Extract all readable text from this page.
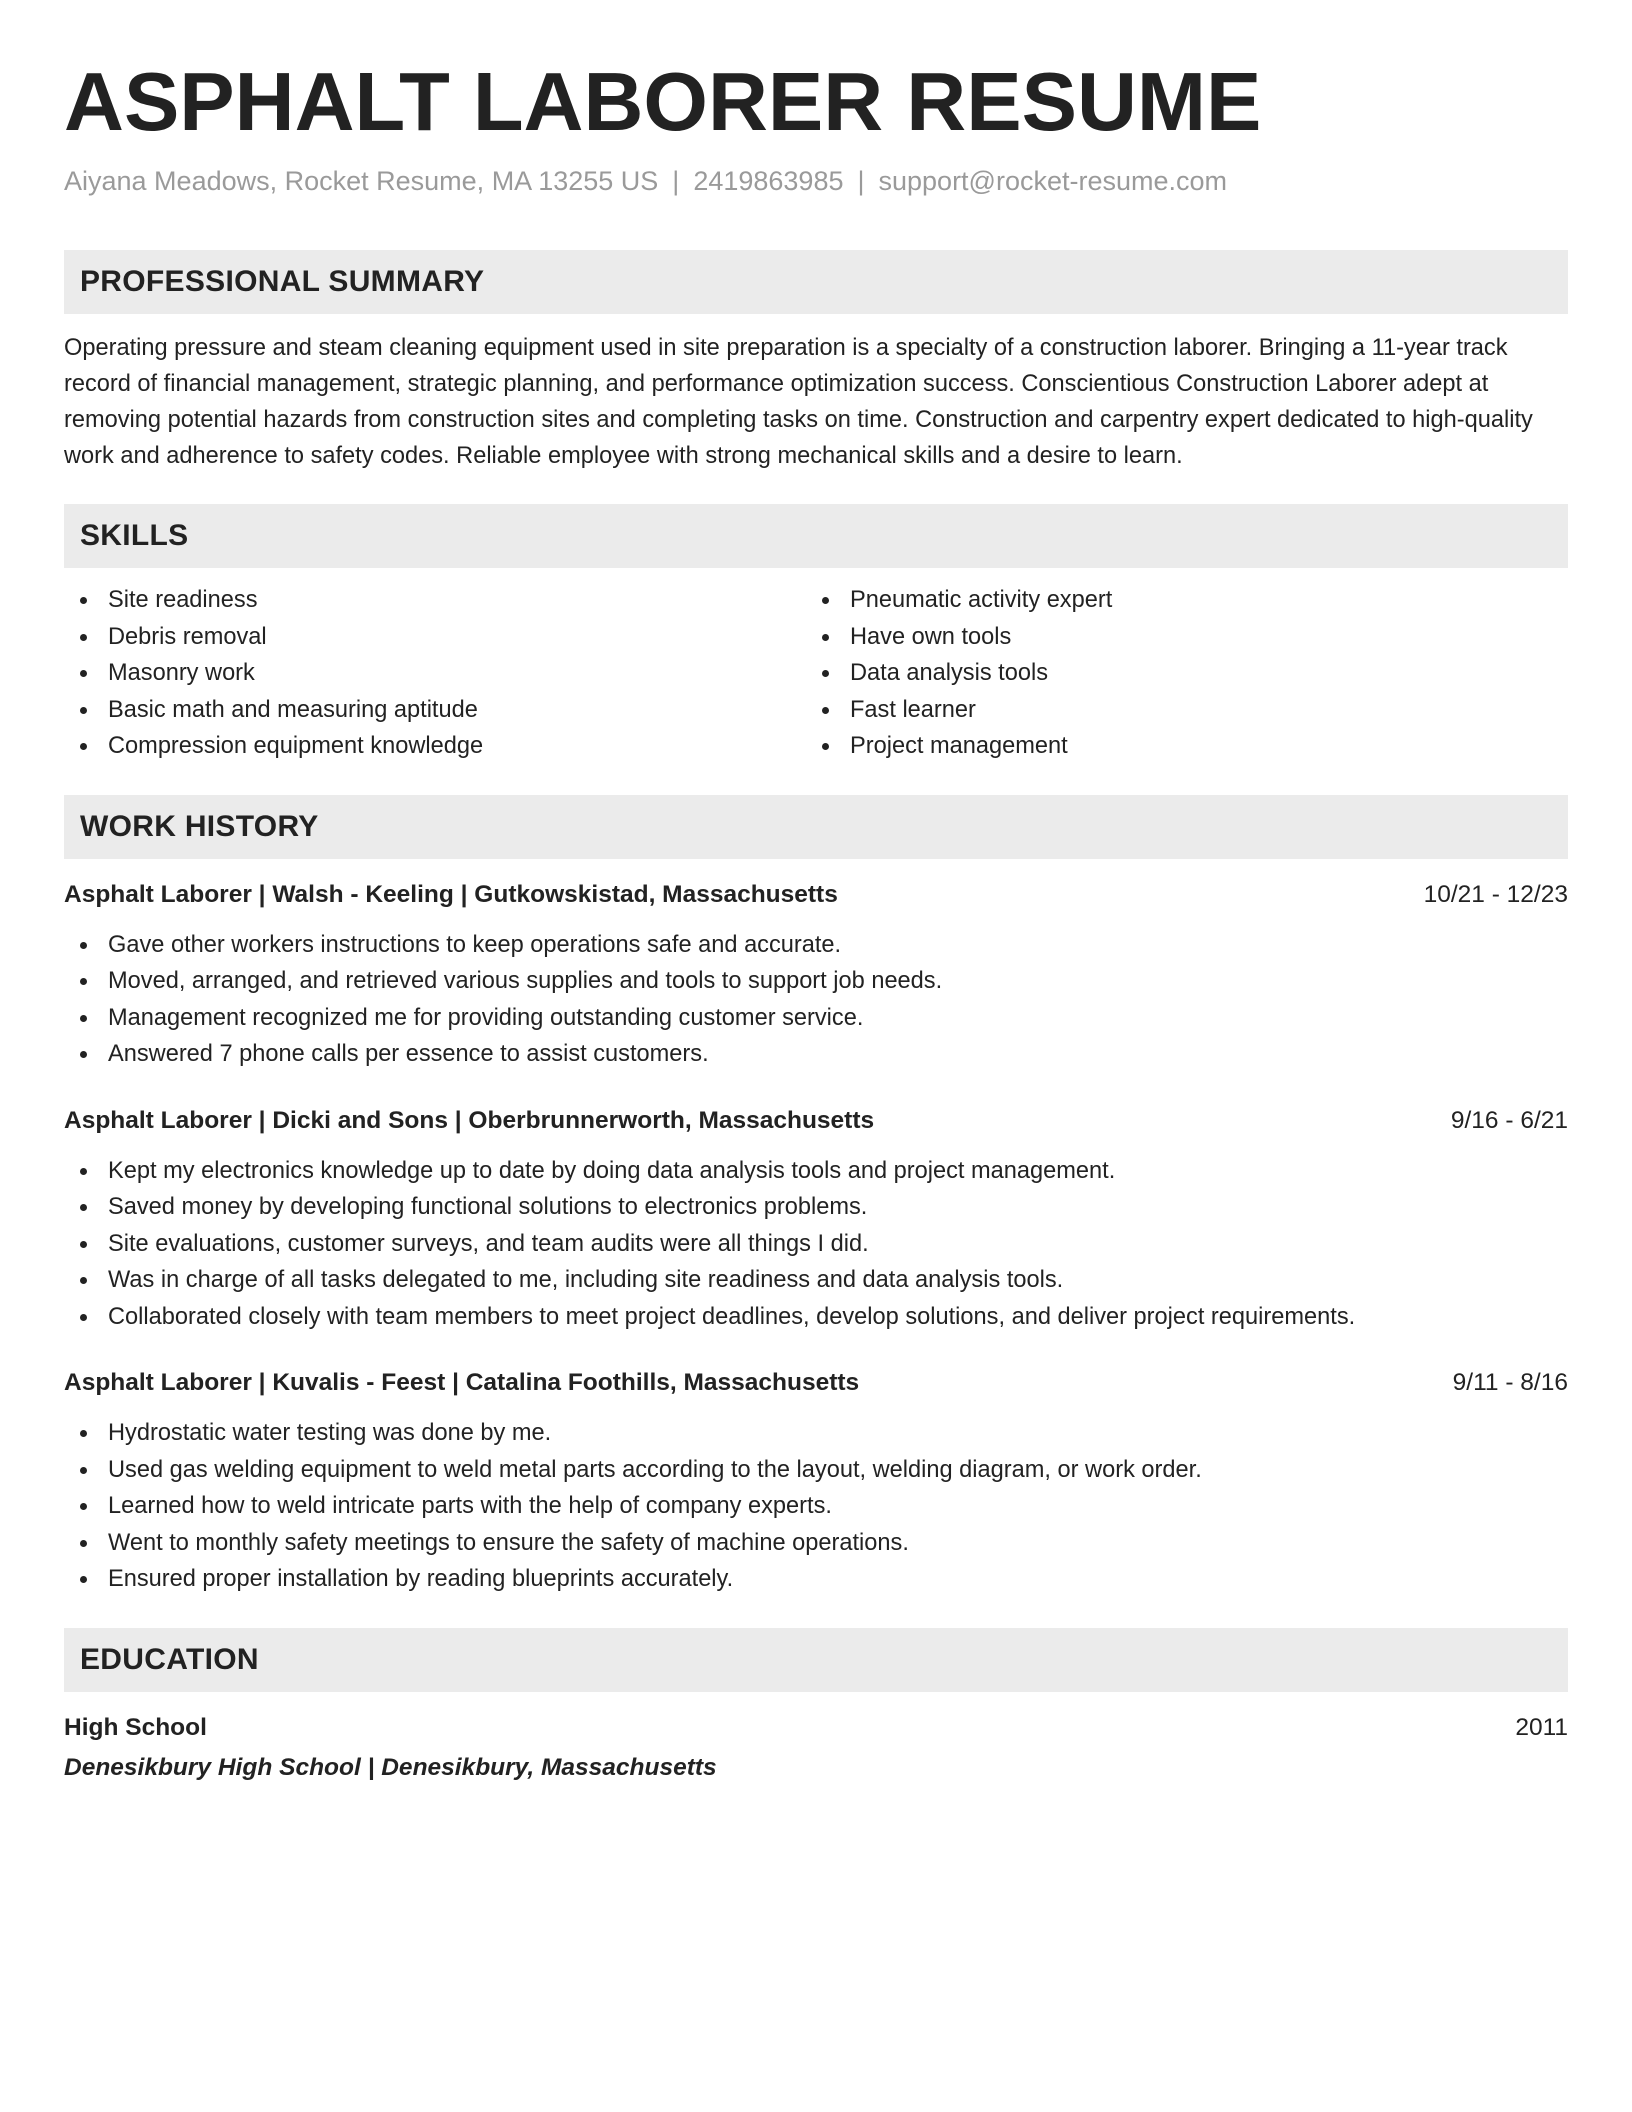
ASPHALT LABORER RESUME
Aiyana Meadows, Rocket Resume, MA 13255 US | 2419863985 | support@rocket-resume.com
PROFESSIONAL SUMMARY
Operating pressure and steam cleaning equipment used in site preparation is a specialty of a construction laborer. Bringing a 11-year track record of financial management, strategic planning, and performance optimization success. Conscientious Construction Laborer adept at removing potential hazards from construction sites and completing tasks on time. Construction and carpentry expert dedicated to high-quality work and adherence to safety codes. Reliable employee with strong mechanical skills and a desire to learn.
SKILLS
Site readiness
Debris removal
Masonry work
Basic math and measuring aptitude
Compression equipment knowledge
Pneumatic activity expert
Have own tools
Data analysis tools
Fast learner
Project management
WORK HISTORY
Asphalt Laborer | Walsh - Keeling | Gutkowskistad, Massachusetts	10/21 - 12/23
Gave other workers instructions to keep operations safe and accurate.
Moved, arranged, and retrieved various supplies and tools to support job needs.
Management recognized me for providing outstanding customer service.
Answered 7 phone calls per essence to assist customers.
Asphalt Laborer | Dicki and Sons | Oberbrunnerworth, Massachusetts	9/16 - 6/21
Kept my electronics knowledge up to date by doing data analysis tools and project management.
Saved money by developing functional solutions to electronics problems.
Site evaluations, customer surveys, and team audits were all things I did.
Was in charge of all tasks delegated to me, including site readiness and data analysis tools.
Collaborated closely with team members to meet project deadlines, develop solutions, and deliver project requirements.
Asphalt Laborer | Kuvalis - Feest | Catalina Foothills, Massachusetts	9/11 - 8/16
Hydrostatic water testing was done by me.
Used gas welding equipment to weld metal parts according to the layout, welding diagram, or work order.
Learned how to weld intricate parts with the help of company experts.
Went to monthly safety meetings to ensure the safety of machine operations.
Ensured proper installation by reading blueprints accurately.
EDUCATION
High School	2011
Denesikbury High School | Denesikbury, Massachusetts
